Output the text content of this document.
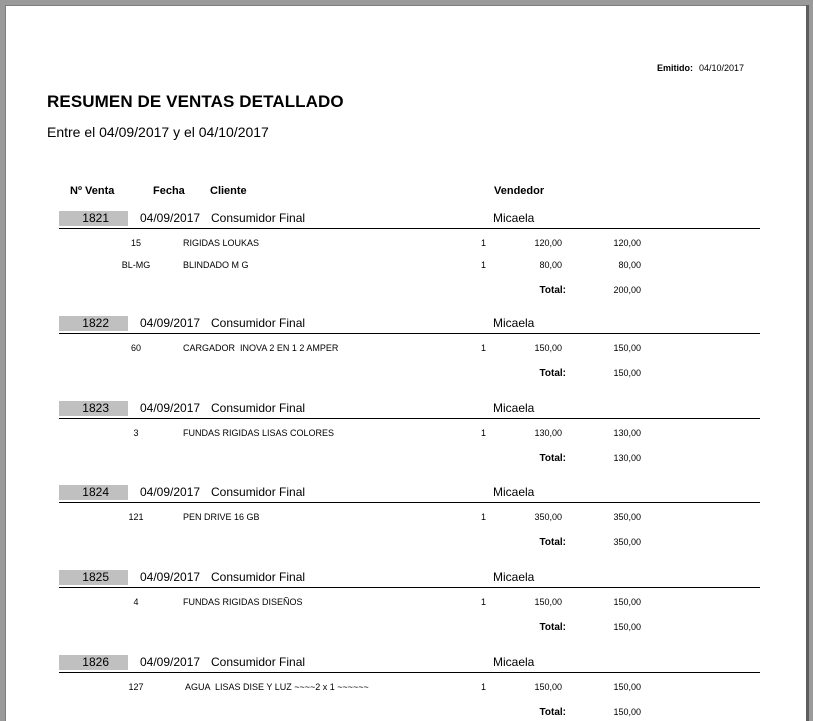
Emitido: 04/10/2017
RESUMEN DE VENTAS DETALLADO
Entre el 04/09/2017 y el 04/10/2017
Nº Venta	Fecha Cliente	Vendedor
1821	04/09/2017 Consumidor Final	Micaela
15	RIGIDAS LOUKAS	1	120,00	120,00
BL-MG	BLINDADO M G	1	80,00	80,00
Total:	200,00
1822	04/09/2017 Consumidor Final	Micaela
60	CARGADOR  INOVA 2 EN 1 2 AMPER	1	150,00	150,00
Total:	150,00
1823	04/09/2017 Consumidor Final	Micaela
3	FUNDAS RIGIDAS LISAS COLORES	1	130,00	130,00
Total:	130,00
1824	04/09/2017 Consumidor Final	Micaela
121	PEN DRIVE 16 GB	1	350,00	350,00
Total:	350,00
1825	04/09/2017 Consumidor Final	Micaela
4	FUNDAS RIGIDAS DISEÑOS	1	150,00	150,00
Total:	150,00
1826	04/09/2017 Consumidor Final	Micaela
127	AGUA  LISAS DISE Y LUZ ~~~~2 x 1 ~~~~~~	1	150,00	150,00
Total:	150,00
